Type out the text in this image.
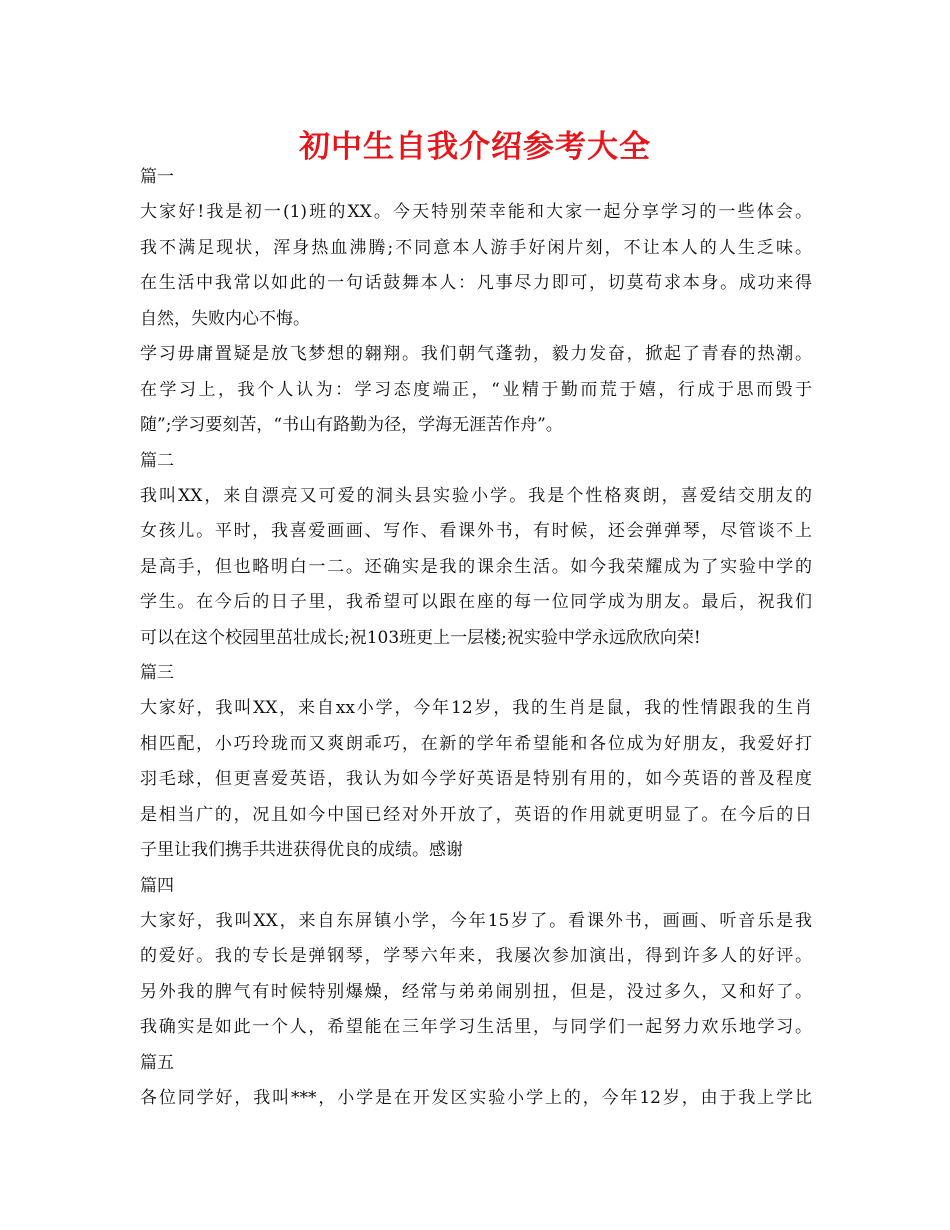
初中生自我介绍参考大全
篇一
大家好!我是初一(1)班的XX。今天特别荣幸能和大家一起分享学习的一些体会。
我不满足现状，浑身热血沸腾;不同意本人游手好闲片刻，不让本人的人生乏味。
在生活中我常以如此的一句话鼓舞本人：凡事尽力即可，切莫苟求本身。成功来得
自然，失败内心不悔。
学习毋庸置疑是放飞梦想的翱翔。我们朝气蓬勃，毅力发奋，掀起了青春的热潮。
在学习上，我个人认为：学习态度端正，“业精于勤而荒于嬉，行成于思而毁于
随”;学习要刻苦，“书山有路勤为径，学海无涯苦作舟”。
篇二
我叫XX，来自漂亮又可爱的洞头县实验小学。我是个性格爽朗，喜爱结交朋友的
女孩儿。平时，我喜爱画画、写作、看课外书，有时候，还会弹弹琴，尽管谈不上
是高手，但也略明白一二。还确实是我的课余生活。如今我荣耀成为了实验中学的
学生。在今后的日子里，我希望可以跟在座的每一位同学成为朋友。最后，祝我们
可以在这个校园里茁壮成长;祝103班更上一层楼;祝实验中学永远欣欣向荣!
篇三
大家好，我叫XX，来自xx小学，今年12岁，我的生肖是鼠，我的性情跟我的生肖
相匹配，小巧玲珑而又爽朗乖巧，在新的学年希望能和各位成为好朋友，我爱好打
羽毛球，但更喜爱英语，我认为如今学好英语是特别有用的，如今英语的普及程度
是相当广的，况且如今中国已经对外开放了，英语的作用就更明显了。在今后的日
子里让我们携手共进获得优良的成绩。感谢
篇四
大家好，我叫XX，来自东屏镇小学，今年15岁了。看课外书，画画、听音乐是我
的爱好。我的专长是弹钢琴，学琴六年来，我屡次参加演出，得到许多人的好评。
另外我的脾气有时候特别爆燥，经常与弟弟闹别扭，但是，没过多久，又和好了。
我确实是如此一个人，希望能在三年学习生活里，与同学们一起努力欢乐地学习。
篇五
各位同学好，我叫***，小学是在开发区实验小学上的，今年12岁，由于我上学比
